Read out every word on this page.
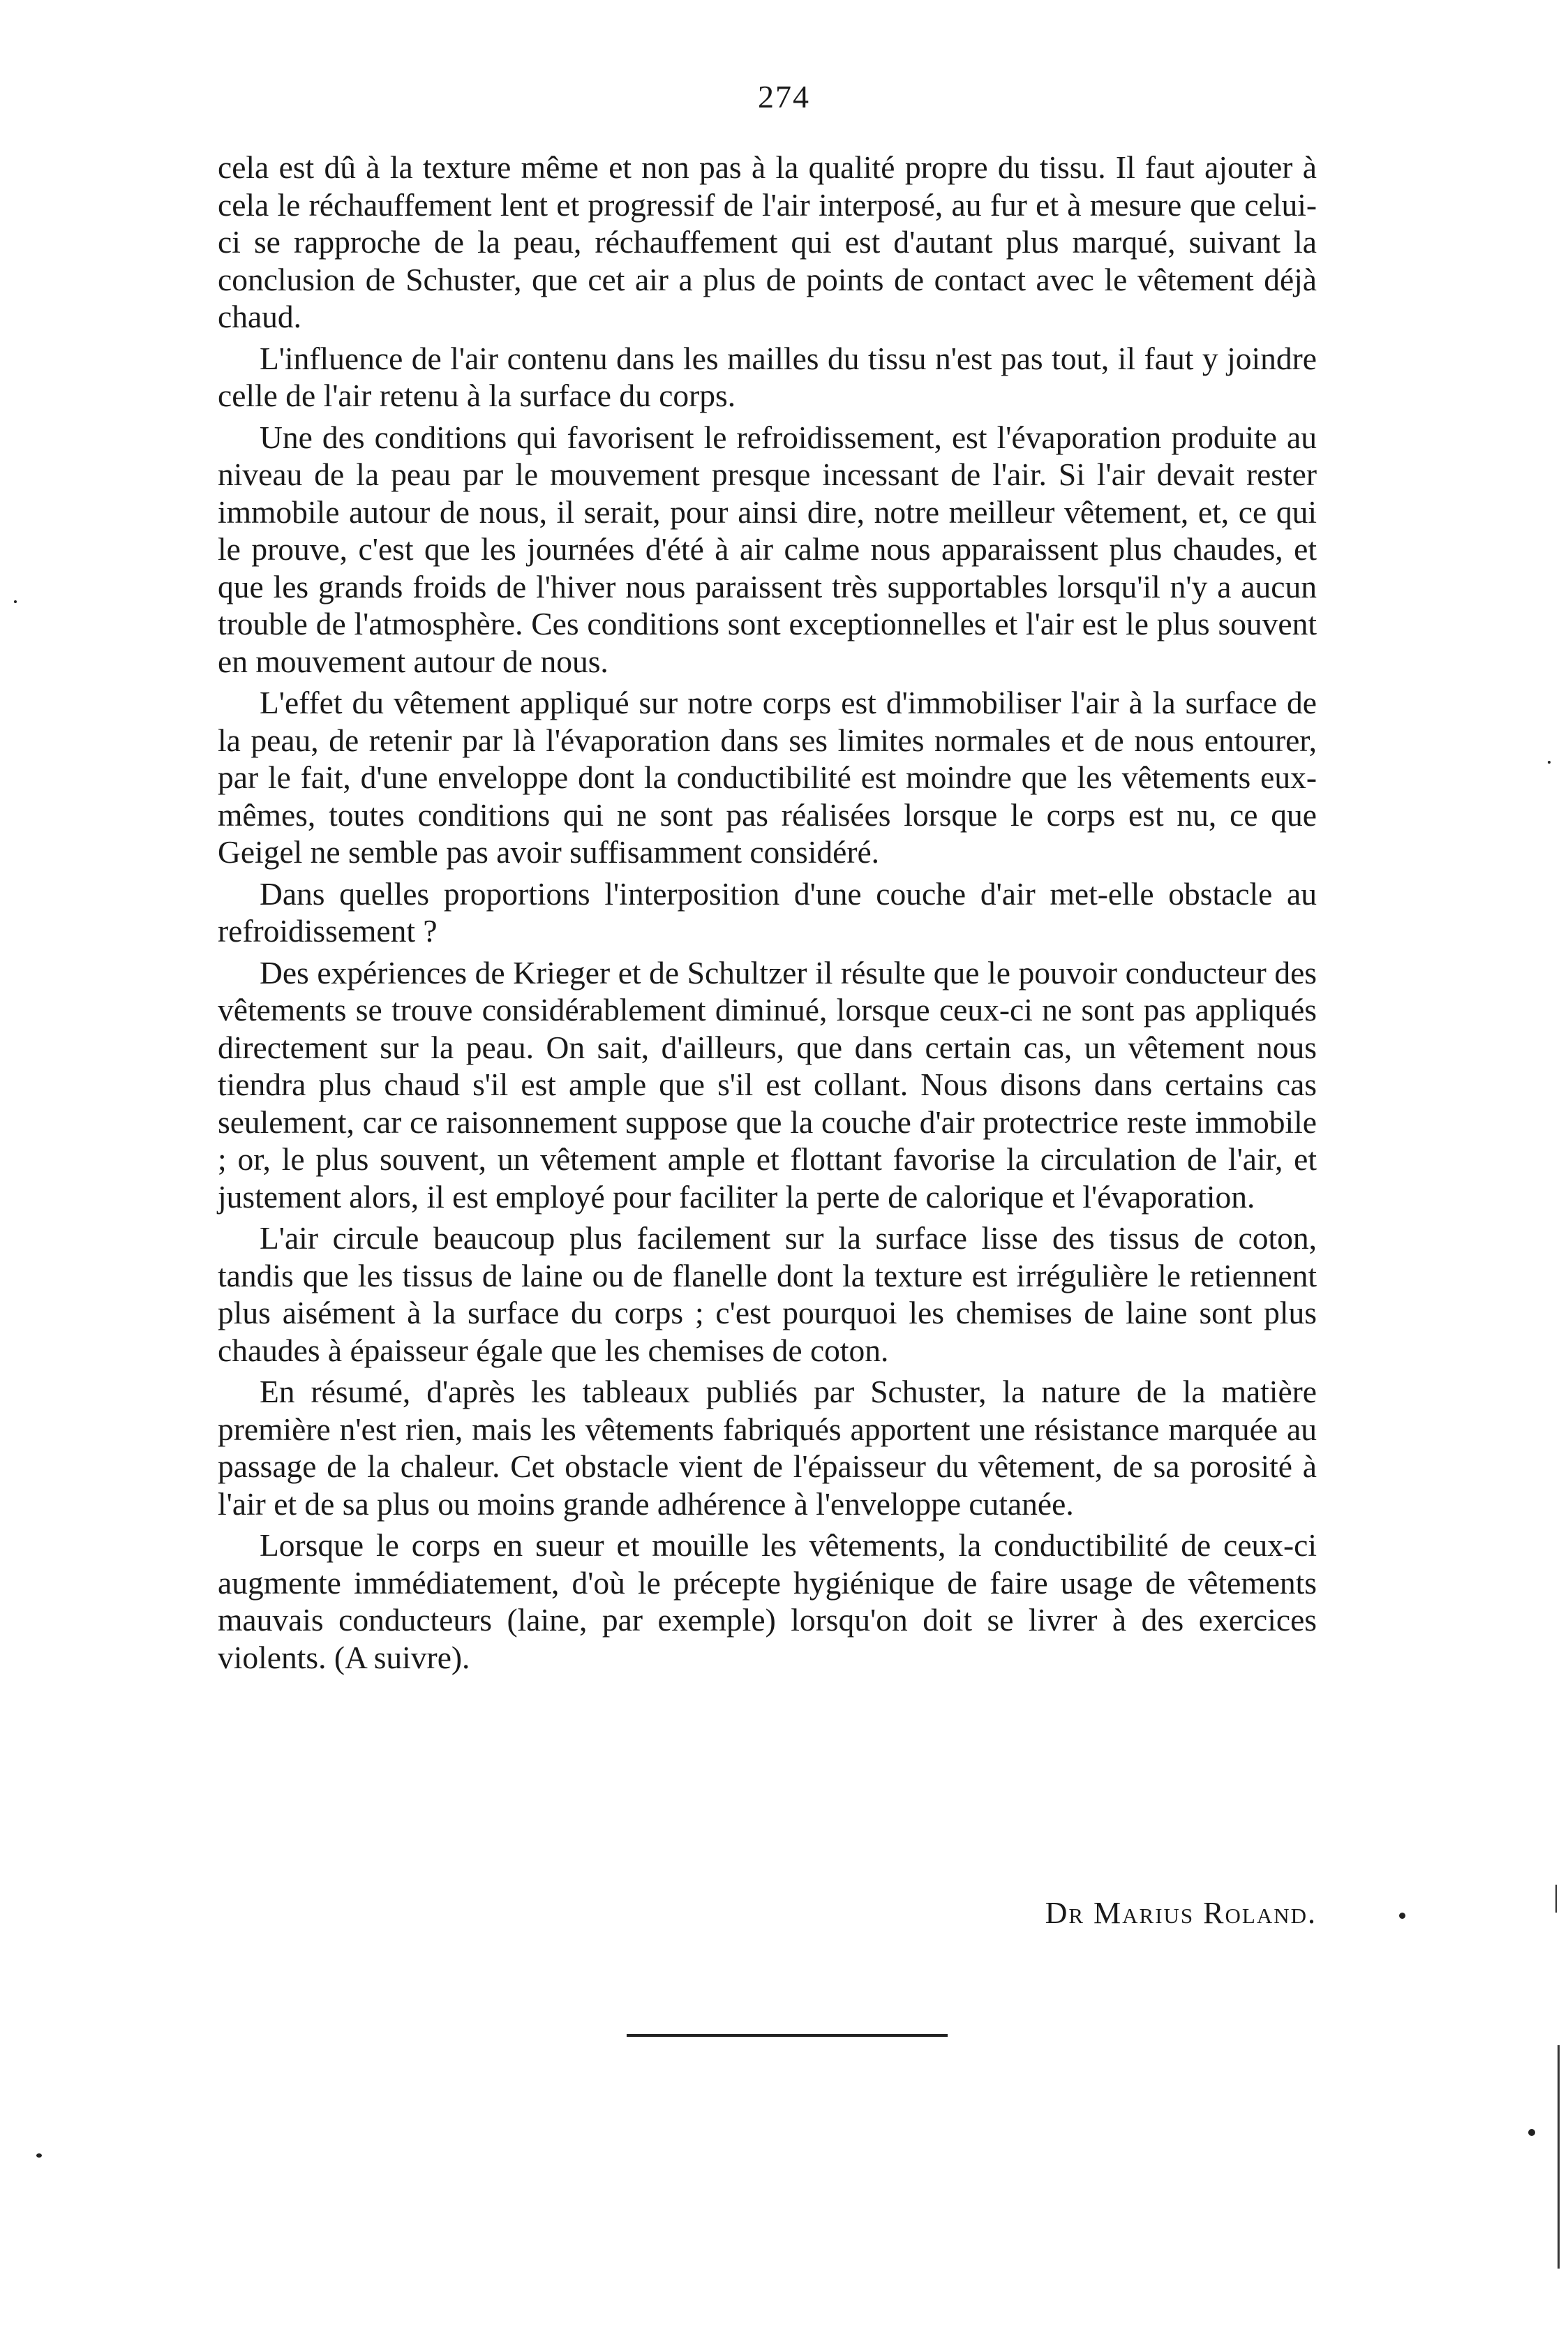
274

cela est dû à la texture même et non pas à la qualité propre du tissu. Il faut ajouter à cela le réchauffement lent et progressif de l'air interposé, au fur et à mesure que celui-ci se rapproche de la peau, réchauffement qui est d'autant plus marqué, suivant la conclusion de Schuster, que cet air a plus de points de contact avec le vêtement déjà chaud.

L'influence de l'air contenu dans les mailles du tissu n'est pas tout, il faut y joindre celle de l'air retenu à la surface du corps.

Une des conditions qui favorisent le refroidissement, est l'évaporation produite au niveau de la peau par le mouvement presque incessant de l'air. Si l'air devait rester immobile autour de nous, il serait, pour ainsi dire, notre meilleur vêtement, et, ce qui le prouve, c'est que les journées d'été à air calme nous apparaissent plus chaudes, et que les grands froids de l'hiver nous paraissent très supportables lorsqu'il n'y a aucun trouble de l'atmosphère. Ces conditions sont exceptionnelles et l'air est le plus souvent en mouvement autour de nous.

L'effet du vêtement appliqué sur notre corps est d'immobiliser l'air à la surface de la peau, de retenir par là l'évaporation dans ses limites normales et de nous entourer, par le fait, d'une enveloppe dont la conductibilité est moindre que les vêtements eux-mêmes, toutes conditions qui ne sont pas réalisées lorsque le corps est nu, ce que Geigel ne semble pas avoir suffisamment considéré.

Dans quelles proportions l'interposition d'une couche d'air met-elle obstacle au refroidissement ?

Des expériences de Krieger et de Schultzer il résulte que le pouvoir conducteur des vêtements se trouve considérablement diminué, lorsque ceux-ci ne sont pas appliqués directement sur la peau. On sait, d'ailleurs, que dans certain cas, un vêtement nous tiendra plus chaud s'il est ample que s'il est collant. Nous disons dans certains cas seulement, car ce raisonnement suppose que la couche d'air protectrice reste immobile ; or, le plus souvent, un vêtement ample et flottant favorise la circulation de l'air, et justement alors, il est employé pour faciliter la perte de calorique et l'évaporation.

L'air circule beaucoup plus facilement sur la surface lisse des tissus de coton, tandis que les tissus de laine ou de flanelle dont la texture est irrégulière le retiennent plus aisément à la surface du corps ; c'est pourquoi les chemises de laine sont plus chaudes à épaisseur égale que les chemises de coton.

En résumé, d'après les tableaux publiés par Schuster, la nature de la matière première n'est rien, mais les vêtements fabriqués apportent une résistance marquée au passage de la chaleur. Cet obstacle vient de l'épaisseur du vêtement, de sa porosité à l'air et de sa plus ou moins grande adhérence à l'enveloppe cutanée.

Lorsque le corps en sueur et mouille les vêtements, la conductibilité de ceux-ci augmente immédiatement, d'où le précepte hygiénique de faire usage de vêtements mauvais conducteurs (laine, par exemple) lorsqu'on doit se livrer à des exercices violents. (A suivre).

Dr Marius Roland.
